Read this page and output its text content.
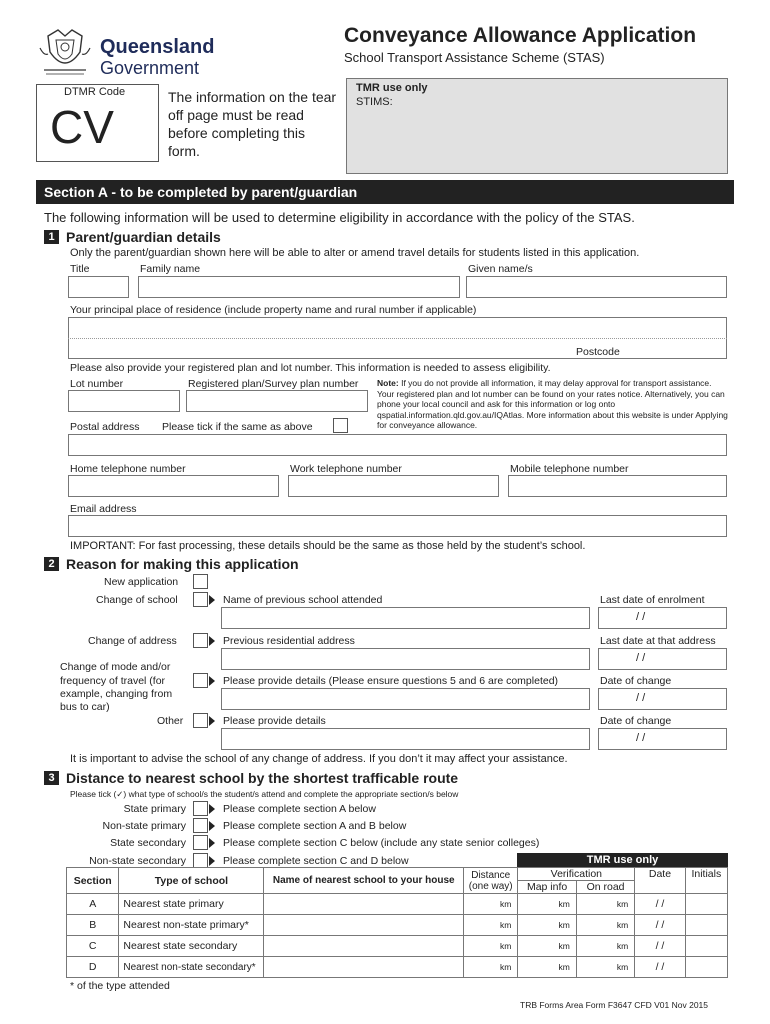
Queensland
Government
Conveyance Allowance Application
School Transport Assistance Scheme (STAS)
DTMR Code
CV
The information on the tear off page must be read before completing this form.
TMR use only
STIMS:
Section A - to be completed by parent/guardian
The following information will be used to determine eligibility in accordance with the policy of the STAS.
1 Parent/guardian details
Only the parent/guardian shown here will be able to alter or amend travel details for students listed in this application.
Title	Family name	Given name/s
Your principal place of residence (include property name and rural number if applicable)
Postcode
Please also provide your registered plan and lot number. This information is needed to assess eligibility.
Lot number	Registered plan/Survey plan number Note: If you do not provide all information, it may delay approval for transport assistance. Your registered plan and lot number can be found on your rates notice. Alternatively, you can phone your local council and ask for this information or log onto qspatial.information.qld.gov.au/IQAtlas. More information about this website is under Applying for conveyance allowance.
Postal address Please tick if the same as above
Home telephone number	Work telephone number	Mobile telephone number
Email address
IMPORTANT: For fast processing, these details should be the same as those held by the student’s school.
2 Reason for making this application
New application
Change of school	Name of previous school attended	Last date of enrolment
/ /
Change of address	Previous residential address	Last date at that address
/ /
Change of mode and/or
frequency of travel (for
example, changing from
bus to car)
Please provide details (Please ensure questions 5 and 6 are completed)	Date of change
/ /
Other	Please provide details	Date of change
/ /
It is important to advise the school of any change of address. If you don’t it may affect your assistance.
3 Distance to nearest school by the shortest trafficable route
Please tick (✓) what type of school/s the student/s attend and complete the appropriate section/s below
State primary	Please complete section A below
Non-state primary	Please complete section A and B below
State secondary	Please complete section C below (include any state senior colleges)
Non-state secondary	Please complete section C and D below	TMR use only
Section	Type of school	Name of nearest school to your house	Distance
(one way)	Verification		Date	Initials
				Map info	On road		
A	Nearest state primary		km	km	km	/ /	
B	Nearest non-state primary*		km	km	km	/ /	
C	Nearest state secondary		km	km	km	/ /	
D	Nearest non-state secondary*		km	km	km	/ /	
* of the type attended
TRB Forms Area Form F3647 CFD V01 Nov 2015
